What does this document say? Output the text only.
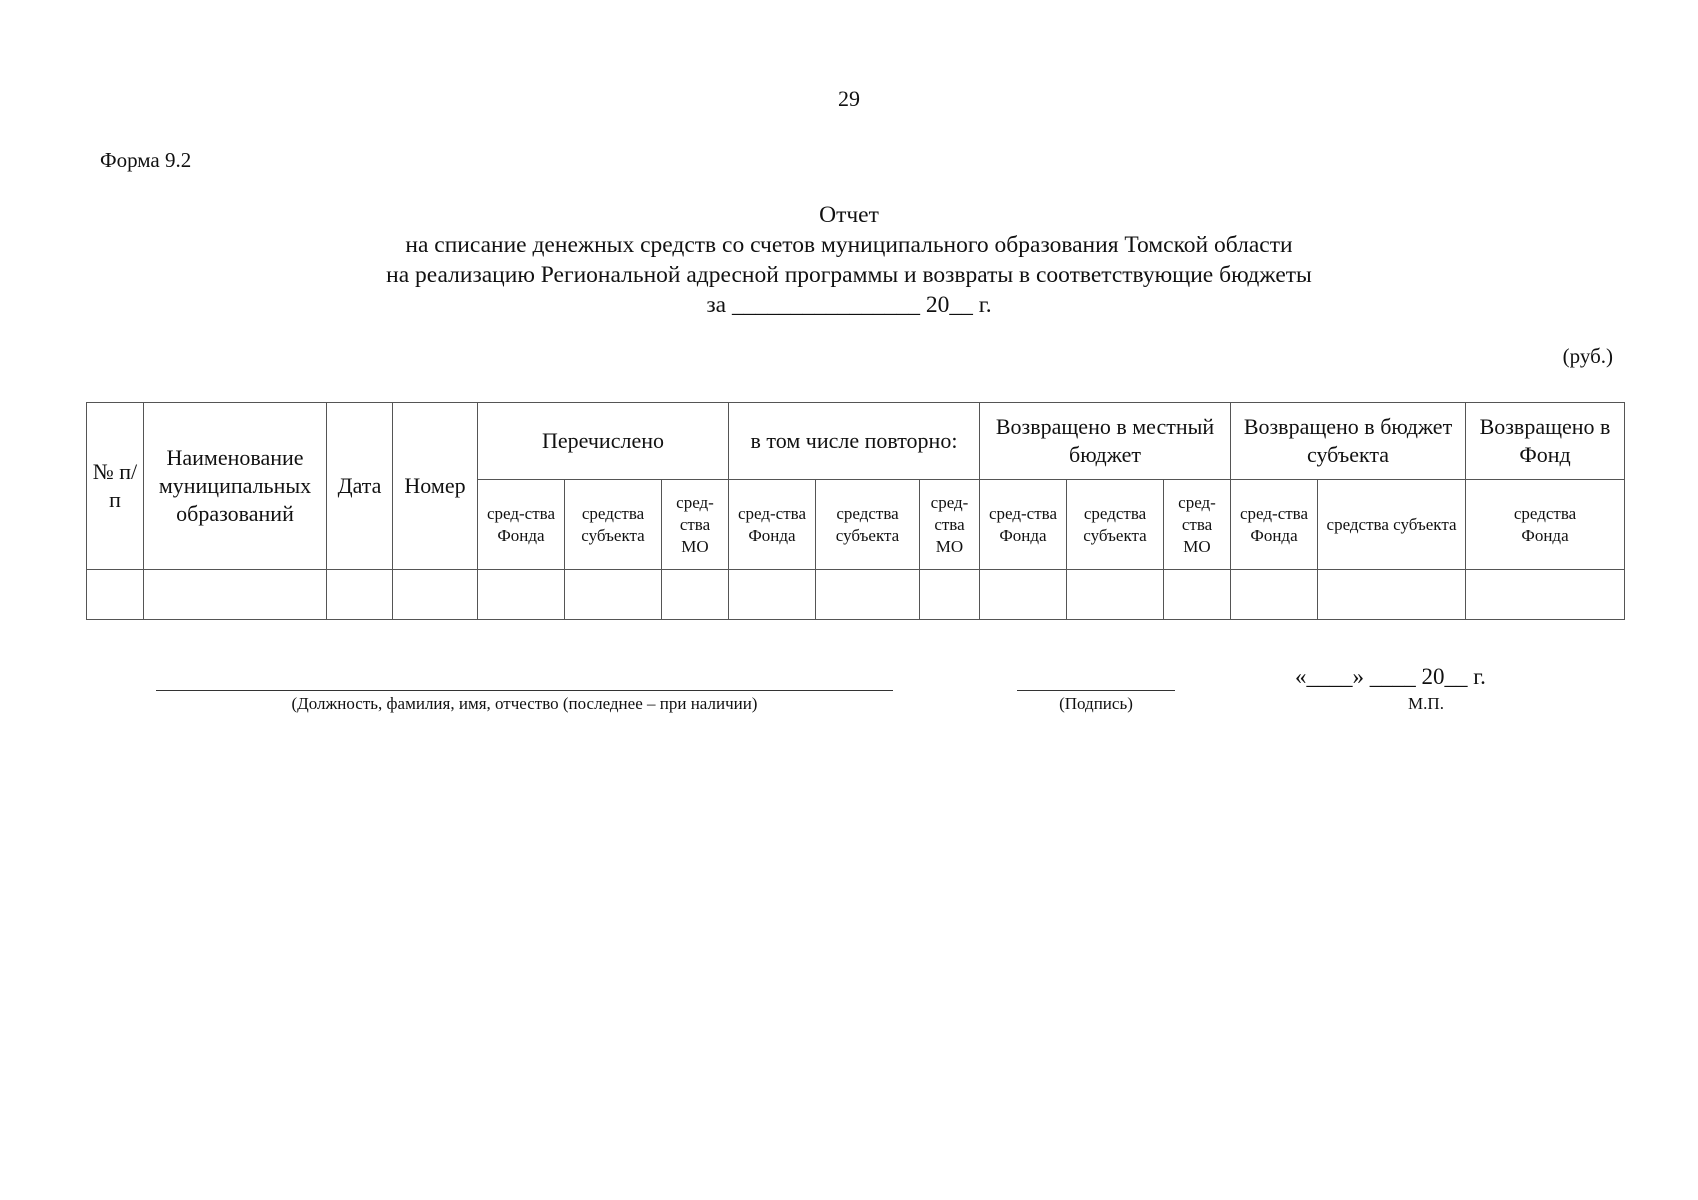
29
Форма 9.2
Отчет
на списание денежных средств со счетов муниципального образования Томской области
на реализацию Региональной адресной программы и возвраты в соответствующие бюджеты
за ________________ 20__ г.
(руб.)
№ п/п	Наименование муниципальных образований	Дата	Номер	Перечислено			в том числе повторно:			Возвращено в местный бюджет			Возвращено в бюджет субъекта		Возвращено в Фонд
				сред-ства Фонда	средства субъекта	сред-ства МО	сред-ства Фонда	средства субъекта	сред-ства МО	сред-ства Фонда	средства субъекта	сред-ства МО	сред-ства Фонда	средства субъекта	средства Фонда

(Должность, фамилия, имя, отчество (последнее – при наличии)	(Подпись)
«____» ____ 20__ г.
М.П.
